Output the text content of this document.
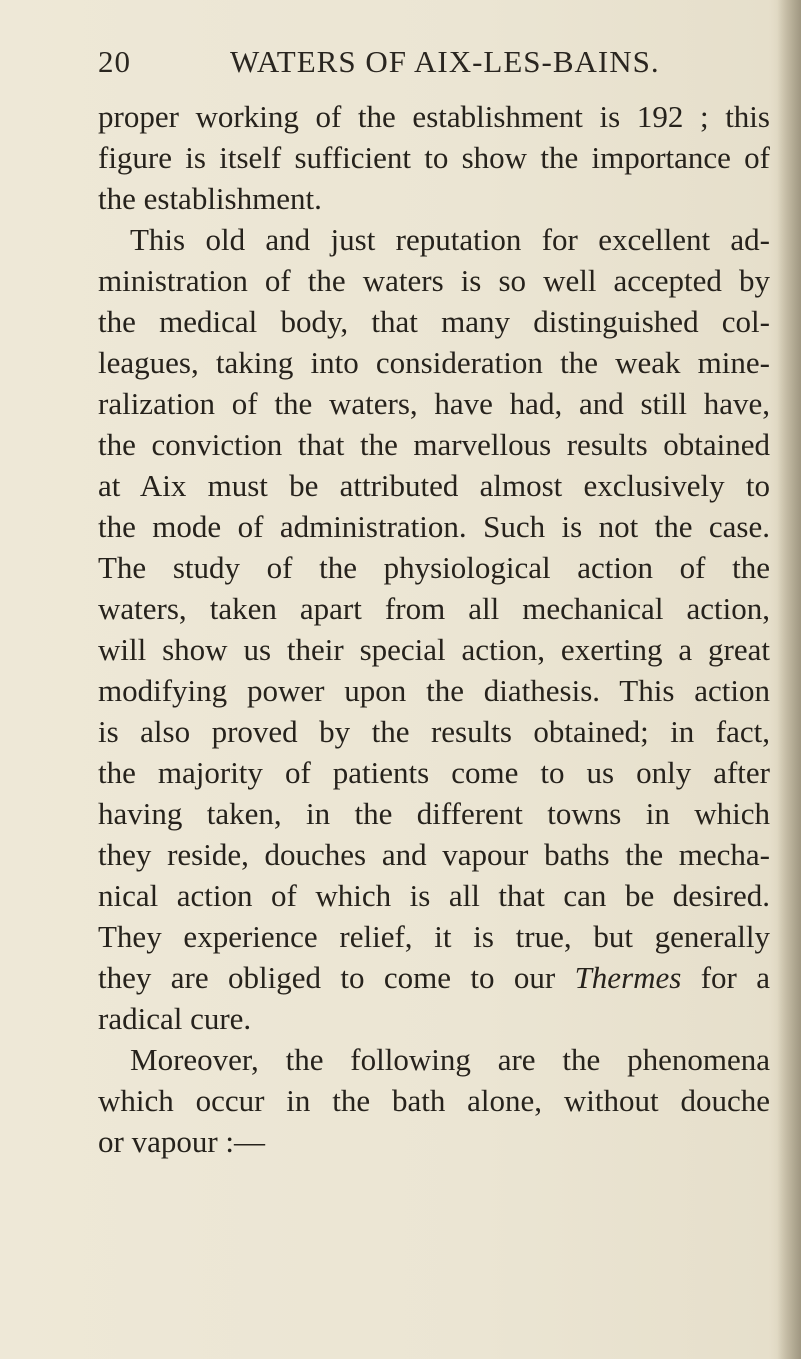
20	WATERS OF AIX-LES-BAINS.
proper working of the establishment is 192 ; this
figure is itself sufficient to show the importance of
the establishment.
This old and just reputation for excellent ad-
ministration of the waters is so well accepted by
the medical body, that many distinguished col-
leagues, taking into consideration the weak mine-
ralization of the waters, have had, and still have,
the conviction that the marvellous results obtained
at Aix must be attributed almost exclusively to
the mode of administration. Such is not the case.
The study of the physiological action of the
waters, taken apart from all mechanical action,
will show us their special action, exerting a great
modifying power upon the diathesis. This action
is also proved by the results obtained; in fact,
the majority of patients come to us only after
having taken, in the different towns in which
they reside, douches and vapour baths the mecha-
nical action of which is all that can be desired.
They experience relief, it is true, but generally
they are obliged to come to our Thermes for a
radical cure.
Moreover, the following are the phenomena
which occur in the bath alone, without douche
or vapour :—
